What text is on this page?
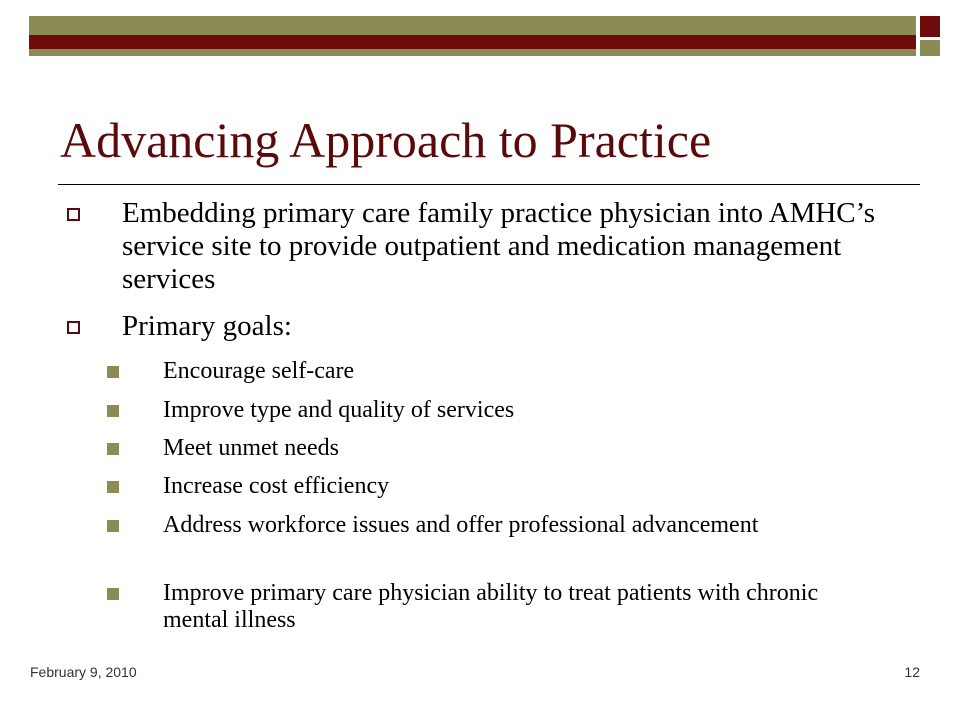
Advancing Approach to Practice
Embedding primary care family practice physician into AMHC’s service site to provide outpatient and medication management services
Primary goals:
Encourage self-care
Improve type and quality of services
Meet unmet needs
Increase cost efficiency
Address workforce issues and offer professional advancement
Improve primary care physician ability to treat patients with chronic mental illness
February 9, 2010	12
